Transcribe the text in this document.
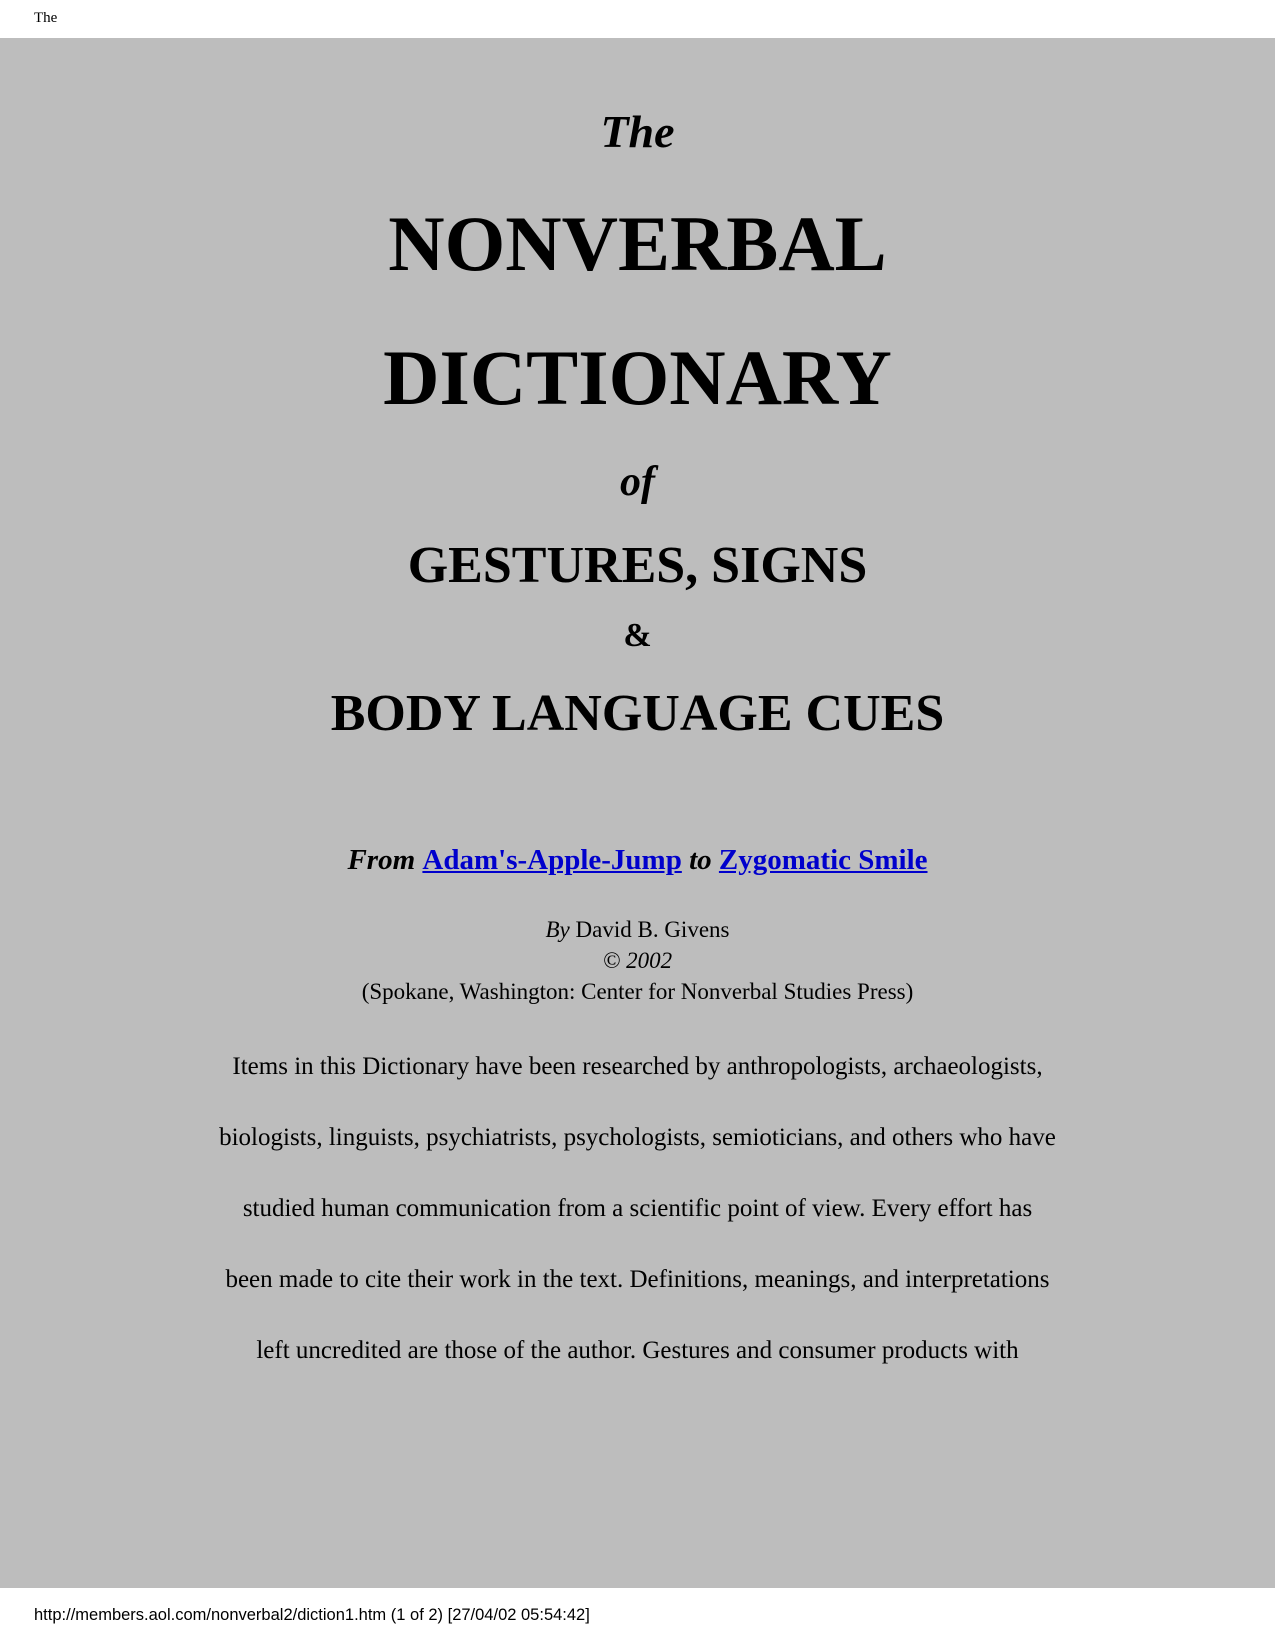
The
The
NONVERBAL
DICTIONARY
of
GESTURES, SIGNS
&
BODY LANGUAGE CUES
From Adam's-Apple-Jump to Zygomatic Smile
By David B. Givens
© 2002
(Spokane, Washington: Center for Nonverbal Studies Press)
Items in this Dictionary have been researched by anthropologists, archaeologists,
biologists, linguists, psychiatrists, psychologists, semioticians, and others who have
studied human communication from a scientific point of view. Every effort has
been made to cite their work in the text. Definitions, meanings, and interpretations
left uncredited are those of the author. Gestures and consumer products with
http://members.aol.com/nonverbal2/diction1.htm (1 of 2) [27/04/02 05:54:42]
